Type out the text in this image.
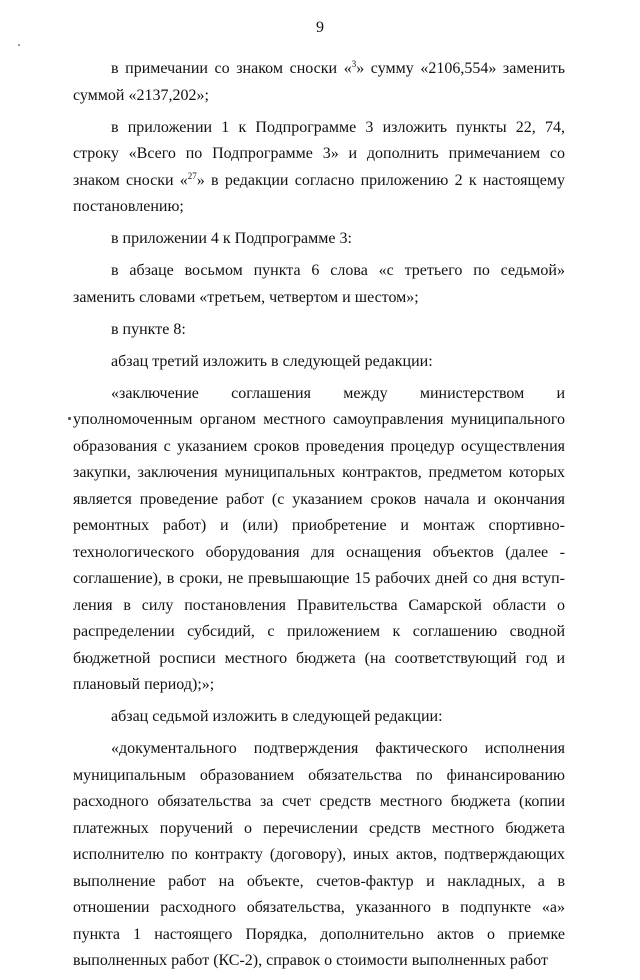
9

в примечании со знаком сноски «$^3$» сумму «2106,554» заменить суммой «2137,202»;

в приложении 1 к Подпрограмме 3 изложить пункты 22, 74, строку «Всего по Подпрограмме 3» и дополнить примечанием со знаком сноски «$^{27}$» в редакции согласно приложению 2 к настоящему постановлению;

в приложении 4 к Подпрограмме 3:

в абзаце восьмом пункта 6 слова «с третьего по седьмой» заменить словами «третьем, четвертом и шестом»;

в пункте 8:

абзац третий изложить в следующей редакции:

«заключение соглашения между министерством и уполномоченным органом местного самоуправления муниципального образования с указанием сроков проведения процедур осуществления закупки, заключения муниципальных контрактов, предметом которых является проведение работ (с указанием сроков начала и окончания ремонтных работ) и (или) приобретение и монтаж спортивно-технологического оборудования для оснащения объектов (далее - соглашение), в сроки, не превышающие 15 рабочих дней со дня вступления в силу постановления Правительства Самарской области о распределении субсидий, с приложением к соглашению сводной бюджетной росписи местного бюджета (на соответствующий год и плановый период);»;

абзац седьмой изложить в следующей редакции:

«документального подтверждения фактического исполнения муниципальным образованием обязательства по финансированию расходного обязательства за счет средств местного бюджета (копии платежных поручений о перечислении средств местного бюджета исполнителю по контракту (договору), иных актов, подтверждающих выполнение работ на объекте, счетов-фактур и накладных, а в отношении расходного обязательства, указанного в подпункте «а» пункта 1 настоящего Порядка, дополнительно актов о приемке выполненных работ (КС-2), справок о стоимости выполненных работ
